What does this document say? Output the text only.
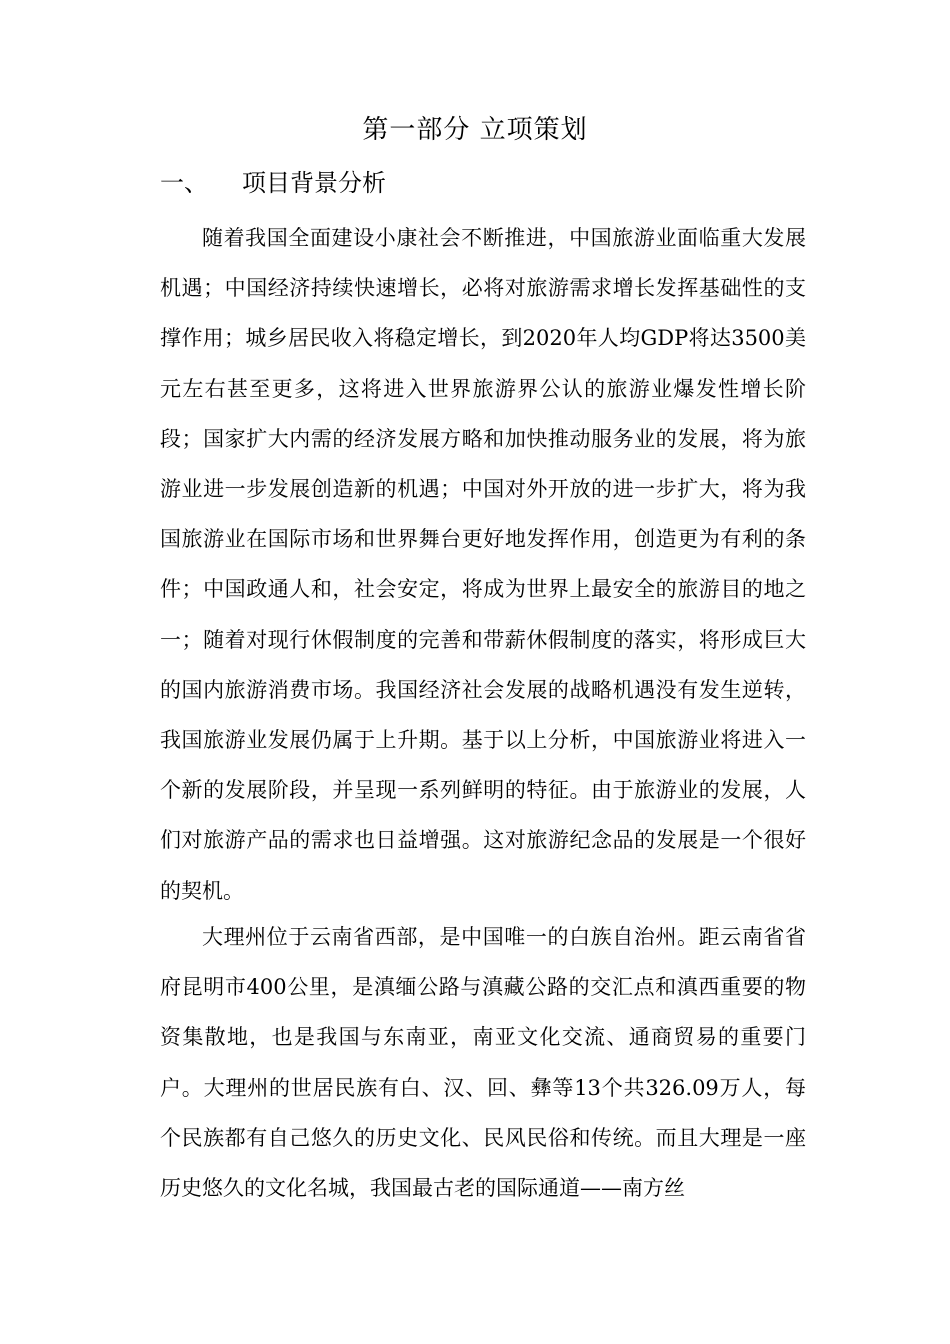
第一部分 立项策划
一、 项目背景分析

随着我国全面建设小康社会不断推进，中国旅游业面临重大发展机遇；中国经济持续快速增长，必将对旅游需求增长发挥基础性的支撑作用；城乡居民收入将稳定增长，到2020年人均GDP将达3500美元左右甚至更多，这将进入世界旅游界公认的旅游业爆发性增长阶段；国家扩大内需的经济发展方略和加快推动服务业的发展，将为旅游业进一步发展创造新的机遇；中国对外开放的进一步扩大，将为我国旅游业在国际市场和世界舞台更好地发挥作用，创造更为有利的条件；中国政通人和，社会安定，将成为世界上最安全的旅游目的地之一；随着对现行休假制度的完善和带薪休假制度的落实，将形成巨大的国内旅游消费市场。我国经济社会发展的战略机遇没有发生逆转，我国旅游业发展仍属于上升期。基于以上分析，中国旅游业将进入一个新的发展阶段，并呈现一系列鲜明的特征。由于旅游业的发展，人们对旅游产品的需求也日益增强。这对旅游纪念品的发展是一个很好的契机。

大理州位于云南省西部，是中国唯一的白族自治州。距云南省省府昆明市400公里，是滇缅公路与滇藏公路的交汇点和滇西重要的物资集散地，也是我国与东南亚，南亚文化交流、通商贸易的重要门户。大理州的世居民族有白、汉、回、彝等13个共326.09万人，每个民族都有自己悠久的历史文化、民风民俗和传统。而且大理是一座历史悠久的文化名城，我国最古老的国际通道——南方丝
